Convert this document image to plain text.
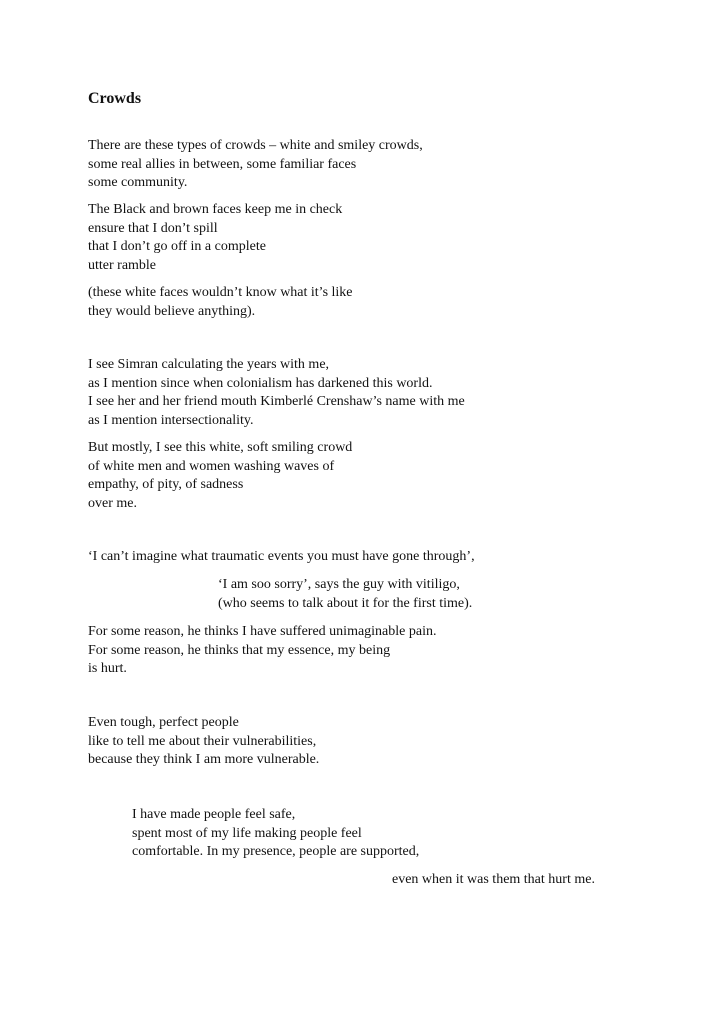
Crowds
There are these types of crowds – white and smiley crowds,
some real allies in between, some familiar faces
some community.
The Black and brown faces keep me in check
ensure that I don’t spill
that I don’t go off in a complete
utter ramble
(these white faces wouldn’t know what it’s like
they would believe anything).
I see Simran calculating the years with me,
as I mention since when colonialism has darkened this world.
I see her and her friend mouth Kimberlé Crenshaw’s name with me
as I mention intersectionality.
But mostly, I see this white, soft smiling crowd
of white men and women washing waves of
empathy, of pity, of sadness
over me.
‘I can’t imagine what traumatic events you must have gone through’,
‘I am soo sorry’, says the guy with vitiligo,
(who seems to talk about it for the first time).
For some reason, he thinks I have suffered unimaginable pain.
For some reason, he thinks that my essence, my being
is hurt.
Even tough, perfect people
like to tell me about their vulnerabilities,
because they think I am more vulnerable.
I have made people feel safe,
spent most of my life making people feel
comfortable. In my presence, people are supported,
even when it was them that hurt me.
